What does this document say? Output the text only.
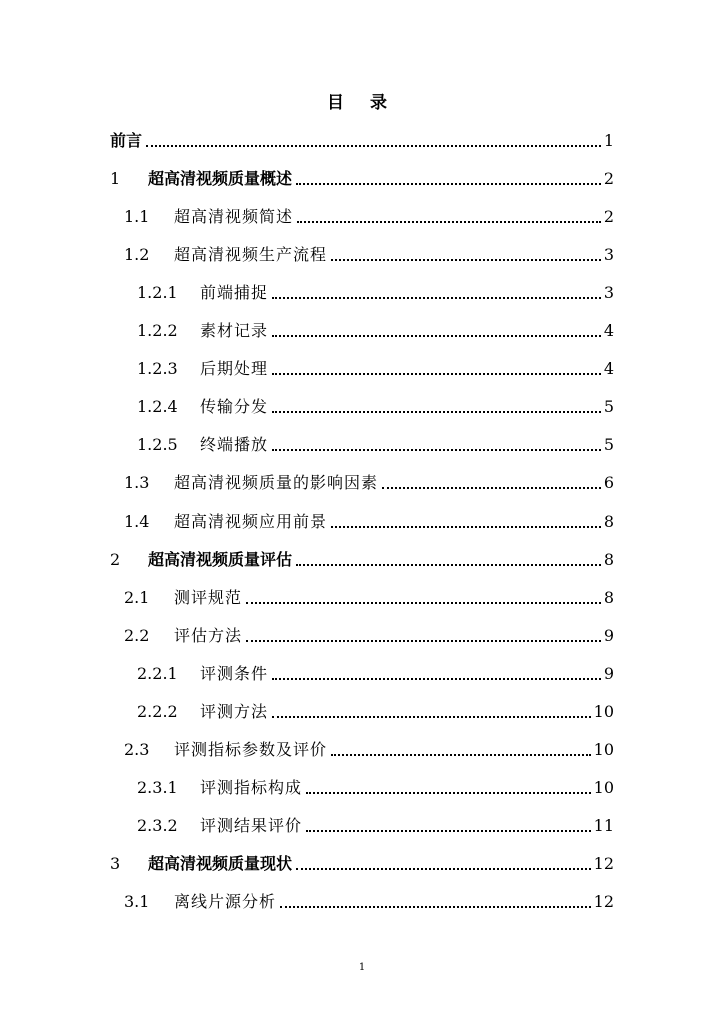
目 录
前言	1
1	超高清视频质量概述	2
1.1	超高清视频简述	2
1.2	超高清视频生产流程	3
1.2.1	前端捕捉	3
1.2.2	素材记录	4
1.2.3	后期处理	4
1.2.4	传输分发	5
1.2.5	终端播放	5
1.3	超高清视频质量的影响因素	6
1.4	超高清视频应用前景	8
2	超高清视频质量评估	8
2.1	测评规范	8
2.2	评估方法	9
2.2.1	评测条件	9
2.2.2	评测方法	10
2.3	评测指标参数及评价	10
2.3.1	评测指标构成	10
2.3.2	评测结果评价	11
3	超高清视频质量现状	12
3.1	离线片源分析	12
1
